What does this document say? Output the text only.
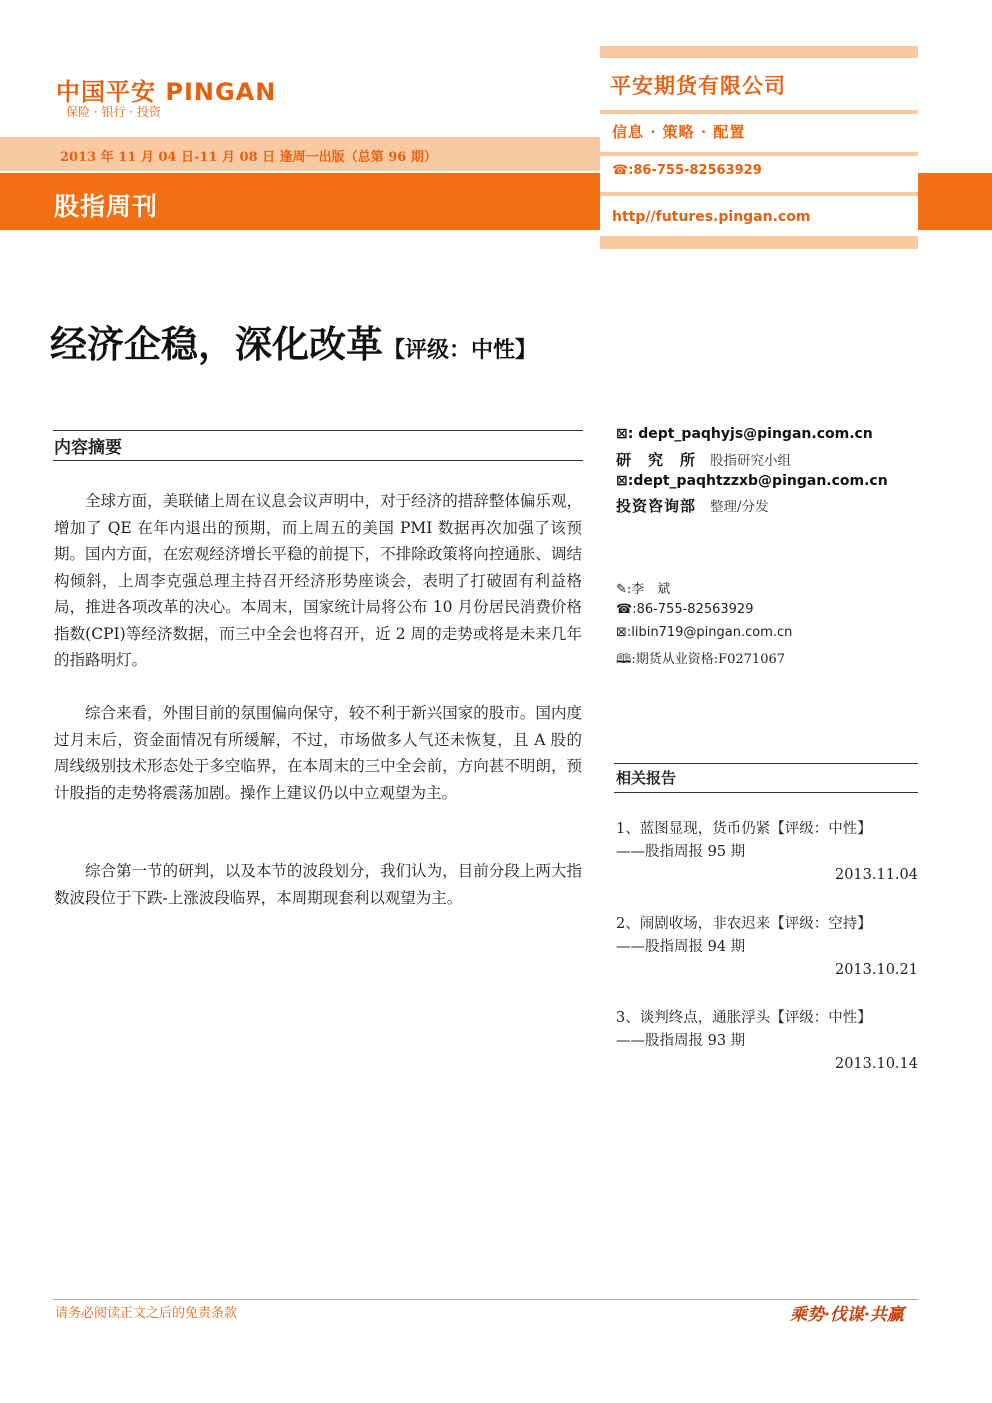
中国平安 PINGAN
保险 · 银行 · 投资
2013 年 11 月 04 日-11 月 08 日 逢周一出版（总第 96 期）
股指周刊
平安期货有限公司
信息 · 策略 · 配置
☎:86-755-82563929
http//futures.pingan.com
经济企稳，深化改革【评级：中性】
内容摘要

全球方面，美联储上周在议息会议声明中，对于经济的措辞整体偏乐观，增加了 QE 在年内退出的预期，而上周五的美国 PMI 数据再次加强了该预期。国内方面，在宏观经济增长平稳的前提下，不排除政策将向控通胀、调结构倾斜，上周李克强总理主持召开经济形势座谈会，表明了打破固有利益格局，推进各项改革的决心。本周末，国家统计局将公布 10 月份居民消费价格指数(CPI)等经济数据，而三中全会也将召开，近 2 周的走势或将是未来几年的指路明灯。

综合来看，外围目前的氛围偏向保守，较不利于新兴国家的股市。国内度过月末后，资金面情况有所缓解，不过，市场做多人气还未恢复，且 A 股的周线级别技术形态处于多空临界，在本周末的三中全会前，方向甚不明朗，预计股指的走势将震荡加剧。操作上建议仍以中立观望为主。

综合第一节的研判，以及本节的波段划分，我们认为，目前分段上两大指数波段位于下跌-上涨波段临界，本周期现套利以观望为主。

⊠: dept_paqhyjs@pingan.com.cn
研　究　所 股指研究小组
⊠:dept_paqhtzzxb@pingan.com.cn
投资咨询部 整理/分发
✎:李　斌
☎:86-755-82563929
⊠:libin719@pingan.com.cn
🕮:期货从业资格:F0271067
相关报告
1、蓝图显现，货币仍紧【评级：中性】
——股指周报 95 期
2013.11.04
2、闹剧收场，非农迟来【评级：空持】
——股指周报 94 期
2013.10.21
3、谈判终点，通胀浮头【评级：中性】
——股指周报 93 期
2013.10.14
请务必阅读正文之后的免责条款	乘势·伐谋·共赢
